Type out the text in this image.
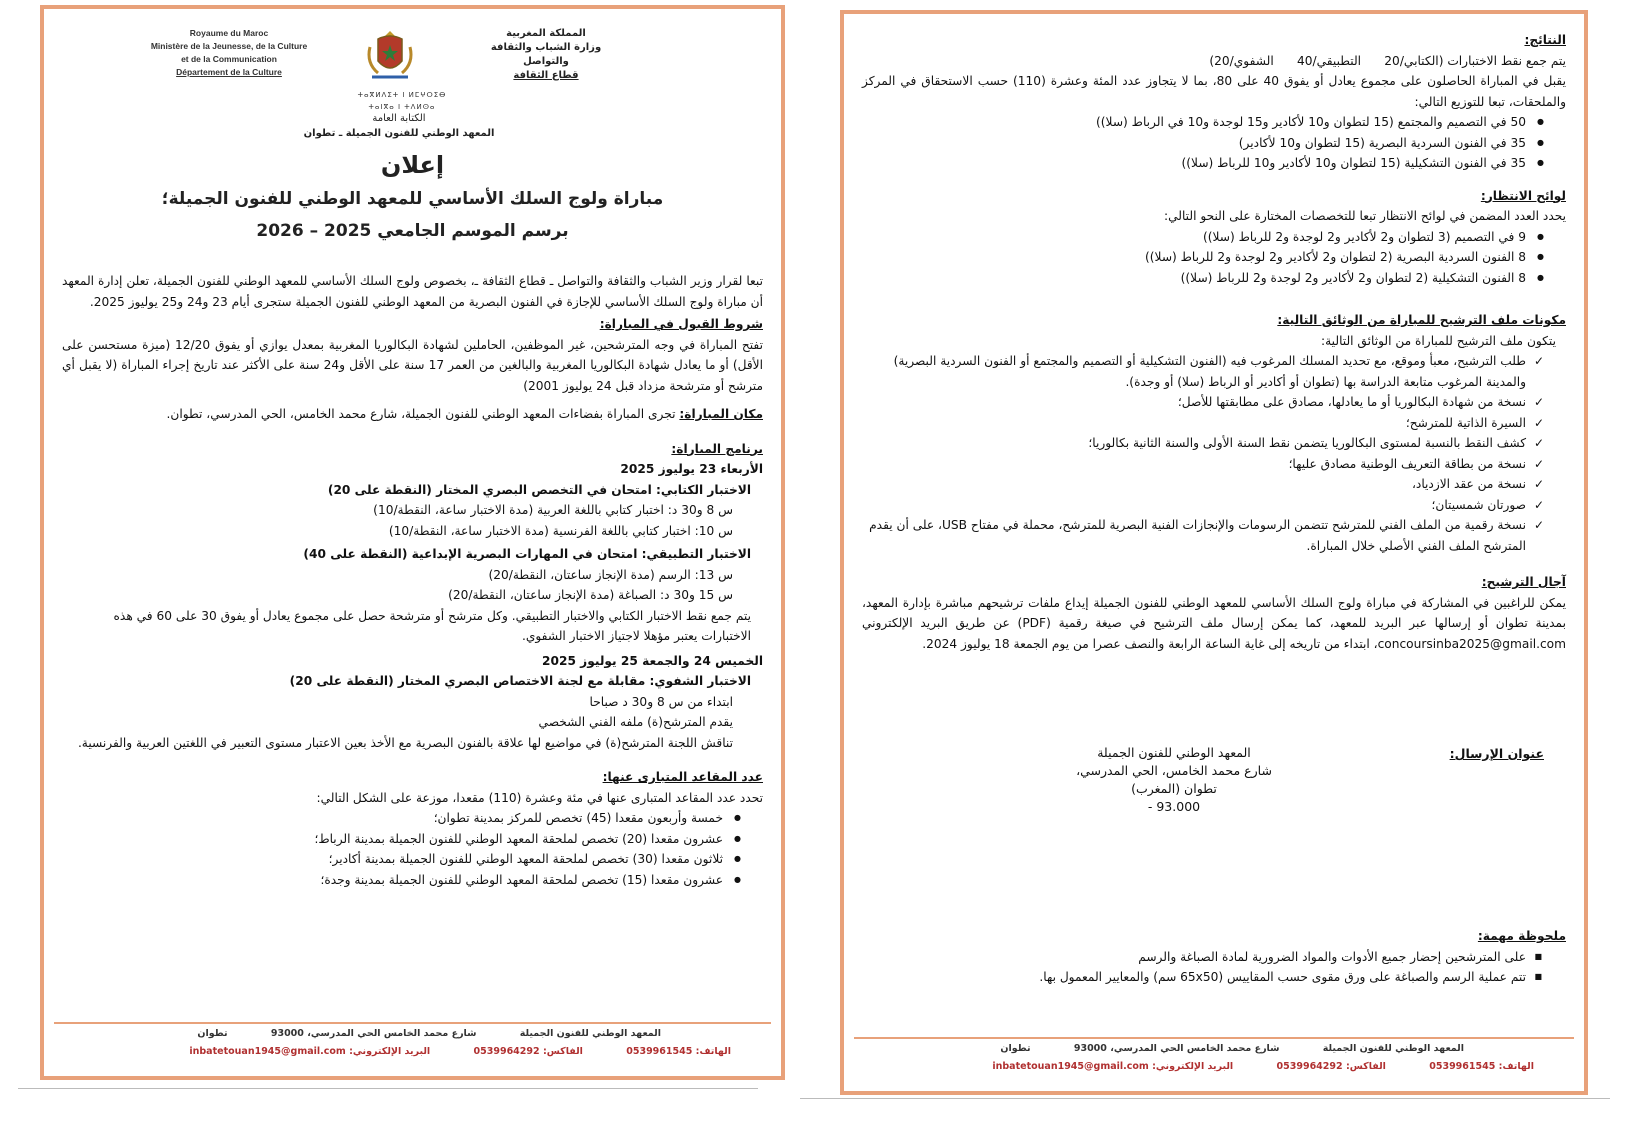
Royaume du Maroc
Ministère de la Jeunesse, de la Culture
et de la Communication
Département de la Culture
ⵜⴰⴳⵍⴷⵉⵜ ⵏ ⵍⵎⵖⵔⵉⴱ
ⵜⴰⵏⴳⴰ ⵏ ⵜⴷⵍⵙⴰ
المملكة المغربية
وزارة الشباب والثقافة
والتواصل
قطاع الثقافة
الكتابة العامة
المعهد الوطني للفنون الجميلة ـ تطوان
إعلان
مباراة ولوج السلك الأساسي للمعهد الوطني للفنون الجميلة؛
برسم الموسم الجامعي 2025 – 2026

تبعا لقرار وزير الشباب والثقافة والتواصل ـ قطاع الثقافة ـ، بخصوص ولوج السلك الأساسي للمعهد الوطني للفنون الجميلة، تعلن إدارة المعهد أن مباراة ولوج السلك الأساسي للإجازة في الفنون البصرية من المعهد الوطني للفنون الجميلة ستجرى أيام 23 و24 و25 يوليوز 2025.

شروط القبول في المباراة:

تفتح المباراة في وجه المترشحين، غير الموظفين، الحاملين لشهادة البكالوريا المغربية بمعدل يوازي أو يفوق 12/20 (ميزة مستحسن على الأقل) أو ما يعادل شهادة البكالوريا المغربية والبالغين من العمر 17 سنة على الأقل و24 سنة على الأكثر عند تاريخ إجراء المباراة (لا يقبل أي مترشح أو مترشحة مزداد قبل 24 يوليوز 2001)

مكان المباراة: تجرى المباراة بفضاءات المعهد الوطني للفنون الجميلة، شارع محمد الخامس، الحي المدرسي، تطوان.

برنامج المباراة:

الأربعاء 23 يوليوز 2025

الاختبار الكتابي: امتحان في التخصص البصري المختار (النقطة على 20)

س 8 و30 د: اختبار كتابي باللغة العربية (مدة الاختبار ساعة، النقطة/10)

س 10: اختبار كتابي باللغة الفرنسية (مدة الاختبار ساعة، النقطة/10)

الاختبار التطبيقي: امتحان في المهارات البصرية الإبداعية (النقطة على 40)

س 13: الرسم (مدة الإنجاز ساعتان، النقطة/20)

س 15 و30 د: الصباغة (مدة الإنجاز ساعتان، النقطة/20)

يتم جمع نقط الاختبار الكتابي والاختبار التطبيقي. وكل مترشح أو مترشحة حصل على مجموع يعادل أو يفوق 30 على 60 في هذه الاختبارات يعتبر مؤهلا لاجتياز الاختبار الشفوي.

الخميس 24 والجمعة 25 يوليوز 2025

الاختبار الشفوي: مقابلة مع لجنة الاختصاص البصري المختار (النقطة على 20)

ابتداء من س 8 و30 د صباحا

يقدم المترشح(ة) ملفه الفني الشخصي

تناقش اللجنة المترشح(ة) في مواضيع لها علاقة بالفنون البصرية مع الأخذ بعين الاعتبار مستوى التعبير في اللغتين العربية والفرنسية.

عدد المقاعد المتبارى عنها:

تحدد عدد المقاعد المتبارى عنها في مئة وعشرة (110) مقعدا، موزعة على الشكل التالي:

● خمسة وأربعون مقعدا (45) تخصص للمركز بمدينة تطوان؛
● عشرون مقعدا (20) تخصص لملحقة المعهد الوطني للفنون الجميلة بمدينة الرباط؛
● ثلاثون مقعدا (30) تخصص لملحقة المعهد الوطني للفنون الجميلة بمدينة أكادير؛
● عشرون مقعدا (15) تخصص لملحقة المعهد الوطني للفنون الجميلة بمدينة وجدة؛
المعهد الوطني للفنون الجميلة شارع محمد الخامس الحي المدرسي، 93000 تطوان
الهاتف: 0539961545 الفاكس: 0539964292 البريد الإلكتروني: inbatetouan1945@gmail.com

النتائج:

يتم جمع نقط الاختبارات (الكتابي/20      التطبيقي/40      الشفوي/20)

يقبل في المباراة الحاصلون على مجموع يعادل أو يفوق 40 على 80، بما لا يتجاوز عدد المئة وعشرة (110) حسب الاستحقاق في المركز والملحقات، تبعا للتوزيع التالي:

● 50 في التصميم والمجتمع (15 لتطوان و10 لأكادير و15 لوجدة و10 في الرباط (سلا))
● 35 في الفنون السردية البصرية (15 لتطوان و10 لأكادير)
● 35 في الفنون التشكيلية (15 لتطوان و10 لأكادير و10 للرباط (سلا))

لوائح الانتظار:

يحدد العدد المضمن في لوائح الانتظار تبعا للتخصصات المختارة على النحو التالي:

● 9 في التصميم (3 لتطوان و2 لأكادير و2 لوجدة و2 للرباط (سلا))
● 8 الفنون السردية البصرية (2 لتطوان و2 لأكادير و2 لوجدة و2 للرباط (سلا))
● 8 الفنون التشكيلية (2 لتطوان و2 لأكادير و2 لوجدة و2 للرباط (سلا))

مكونات ملف الترشيح للمباراة من الوثائق التالية:

يتكون ملف الترشيح للمباراة من الوثائق التالية:

✓ طلب الترشيح، معبأ وموقع، مع تحديد المسلك المرغوب فيه (الفنون التشكيلية أو التصميم والمجتمع أو الفنون السردية البصرية) والمدينة المرغوب متابعة الدراسة بها (تطوان أو أكادير أو الرباط (سلا) أو وجدة).
✓ نسخة من شهادة البكالوريا أو ما يعادلها، مصادق على مطابقتها للأصل؛
✓ السيرة الذاتية للمترشح؛
✓ كشف النقط بالنسبة لمستوى البكالوريا يتضمن نقط السنة الأولى والسنة الثانية بكالوريا؛
✓ نسخة من بطاقة التعريف الوطنية مصادق عليها؛
✓ نسخة من عقد الازدياد،
✓ صورتان شمسيتان؛
✓ نسخة رقمية من الملف الفني للمترشح تتضمن الرسومات والإنجازات الفنية البصرية للمترشح، محملة في مفتاح USB، على أن يقدم المترشح الملف الفني الأصلي خلال المباراة.

آجال الترشيح:

يمكن للراغبين في المشاركة في مباراة ولوج السلك الأساسي للمعهد الوطني للفنون الجميلة إيداع ملفات ترشيحهم مباشرة بإدارة المعهد، بمدينة تطوان أو إرسالها عبر البريد للمعهد، كما يمكن إرسال ملف الترشيح في صيغة رقمية (PDF) عن طريق البريد الإلكتروني concoursinba2025@gmail.com، ابتداء من تاريخه إلى غاية الساعة الرابعة والنصف عصرا من يوم الجمعة 18 يوليوز 2024.

عنوان الإرسال:

المعهد الوطني للفنون الجميلة
شارع محمد الخامس، الحي المدرسي،
تطوان (المغرب)
93.000 -

ملحوظة مهمة:

■ على المترشحين إحضار جميع الأدوات والمواد الضرورية لمادة الصباغة والرسم
■ تتم عملية الرسم والصباغة على ورق مقوى حسب المقاييس (65x50 سم) والمعايير المعمول بها.
المعهد الوطني للفنون الجميلة شارع محمد الخامس الحي المدرسي، 93000 تطوان
الهاتف: 0539961545 الفاكس: 0539964292 البريد الإلكتروني: inbatetouan1945@gmail.com
